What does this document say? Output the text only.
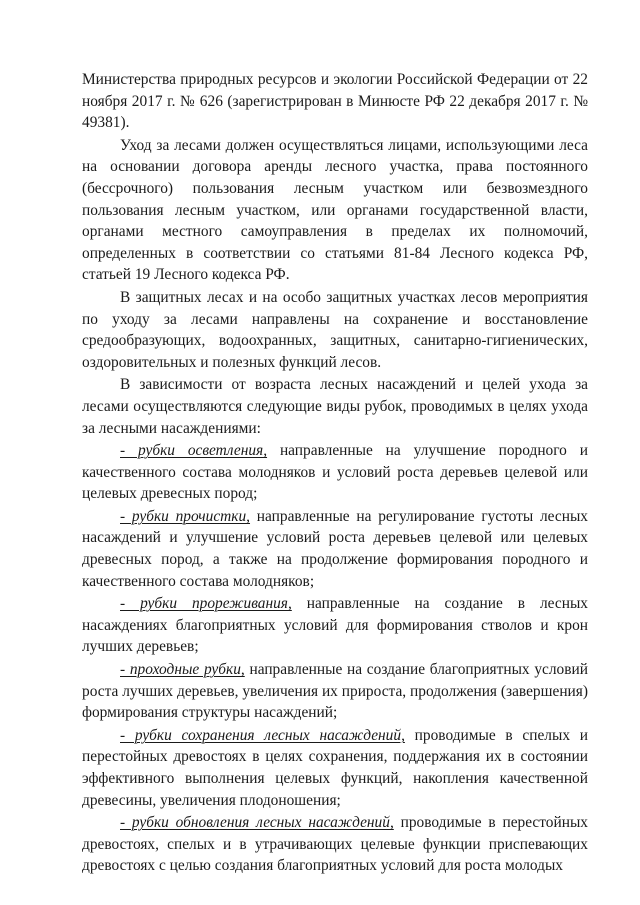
Министерства природных ресурсов и экологии Российской Федерации от 22 ноября 2017 г. № 626 (зарегистрирован в Минюсте РФ 22 декабря 2017 г. № 49381).

Уход за лесами должен осуществляться лицами, использующими леса на основании договора аренды лесного участка, права постоянного (бессрочного) пользования лесным участком или безвозмездного пользования лесным участком, или органами государственной власти, органами местного самоуправления в пределах их полномочий, определенных в соответствии со статьями 81-84 Лесного кодекса РФ, статьей 19 Лесного кодекса РФ.

В защитных лесах и на особо защитных участках лесов мероприятия по уходу за лесами направлены на сохранение и восстановление средообразующих, водоохранных, защитных, санитарно-гигиенических, оздоровительных и полезных функций лесов.

В зависимости от возраста лесных насаждений и целей ухода за лесами осуществляются следующие виды рубок, проводимых в целях ухода за лесными насаждениями:

- рубки осветления, направленные на улучшение породного и качественного состава молодняков и условий роста деревьев целевой или целевых древесных пород;

- рубки прочистки, направленные на регулирование густоты лесных насаждений и улучшение условий роста деревьев целевой или целевых древесных пород, а также на продолжение формирования породного и качественного состава молодняков;

- рубки прореживания, направленные на создание в лесных насаждениях благоприятных условий для формирования стволов и крон лучших деревьев;

- проходные рубки, направленные на создание благоприятных условий роста лучших деревьев, увеличения их прироста, продолжения (завершения) формирования структуры насаждений;

- рубки сохранения лесных насаждений, проводимые в спелых и перестойных древостоях в целях сохранения, поддержания их в состоянии эффективного выполнения целевых функций, накопления качественной древесины, увеличения плодоношения;

- рубки обновления лесных насаждений, проводимые в перестойных древостоях, спелых и в утрачивающих целевые функции приспевающих древостоях с целью создания благоприятных условий для роста молодых
